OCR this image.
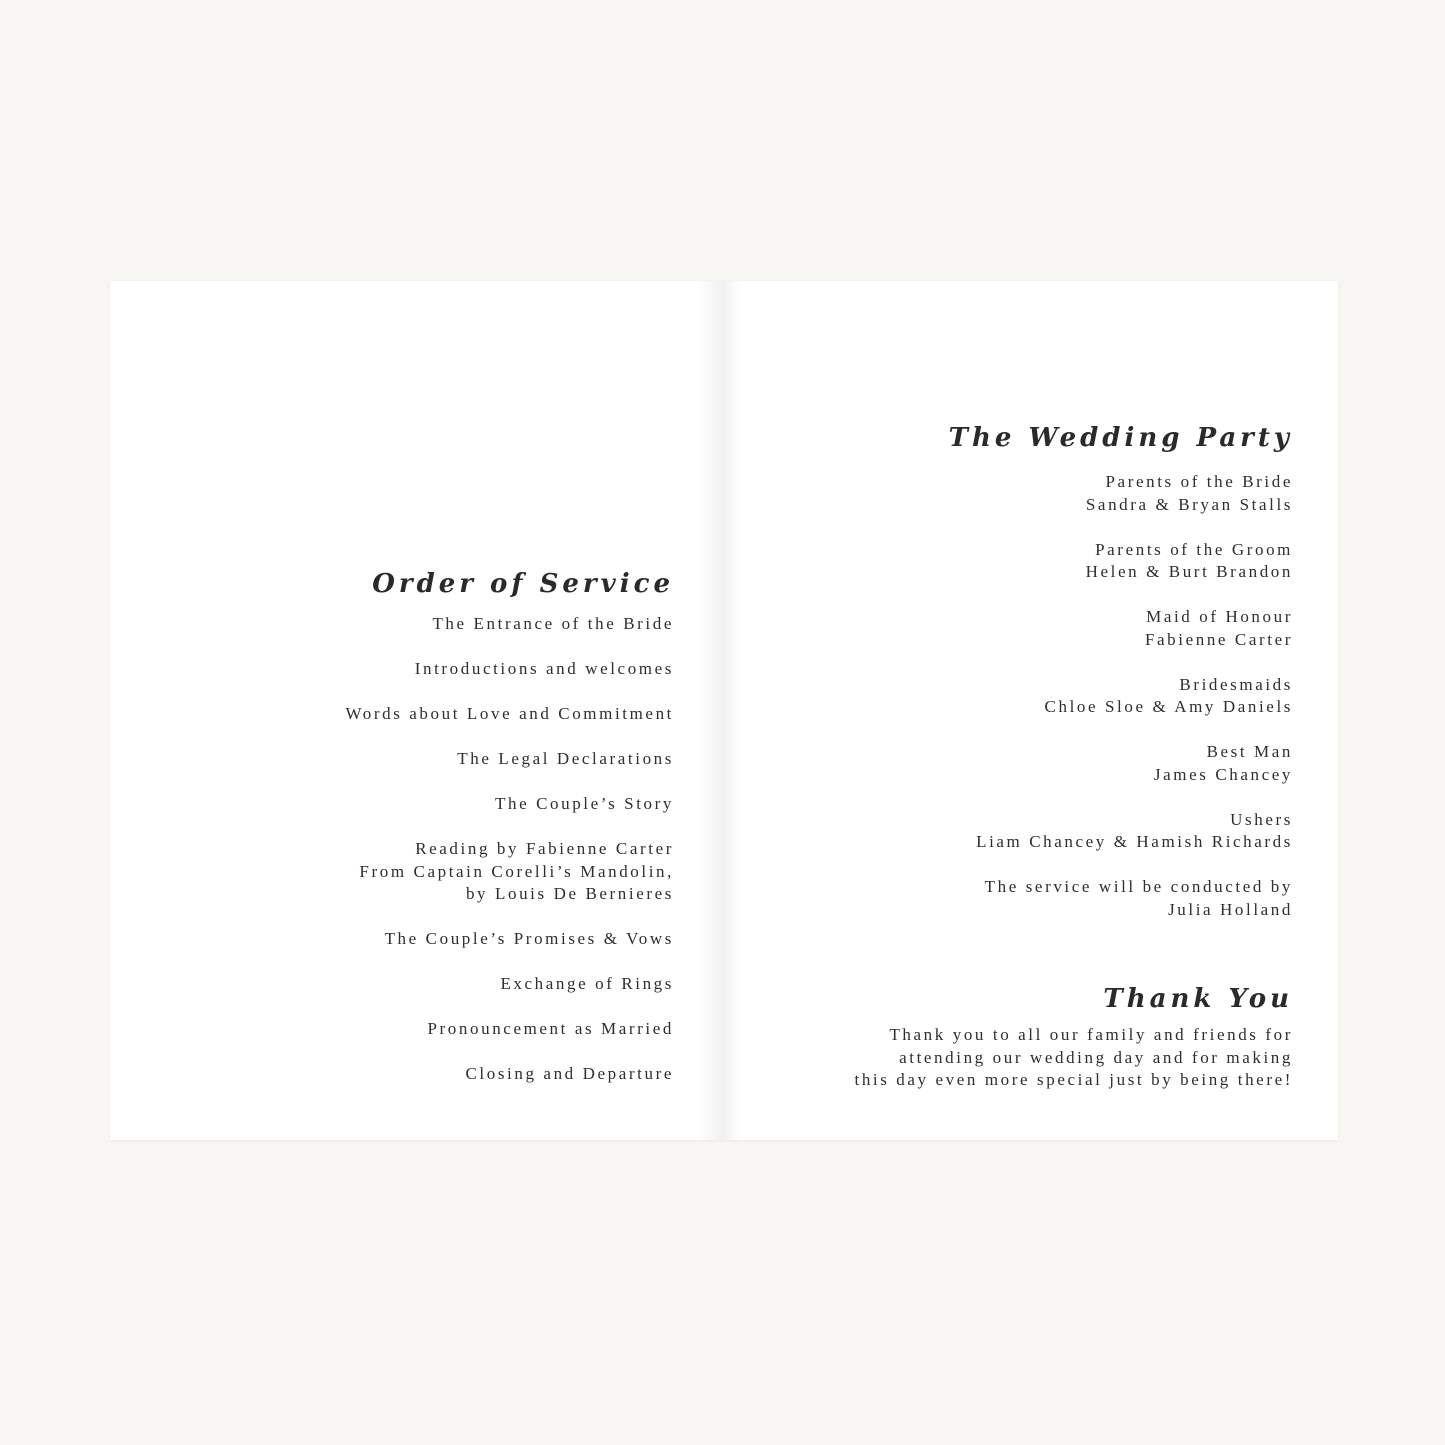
Order of Service
The Entrance of the Bride
Introductions and welcomes
Words about Love and Commitment
The Legal Declarations
The Couple’s Story
Reading by Fabienne Carter
From Captain Corelli’s Mandolin,
by Louis De Bernieres
The Couple’s Promises & Vows
Exchange of Rings
Pronouncement as Married
Closing and Departure
The Wedding Party
Parents of the Bride
Sandra & Bryan Stalls
Parents of the Groom
Helen & Burt Brandon
Maid of Honour
Fabienne Carter
Bridesmaids
Chloe Sloe & Amy Daniels
Best Man
James Chancey
Ushers
Liam Chancey & Hamish Richards
The service will be conducted by
Julia Holland
Thank You
Thank you to all our family and friends for
attending our wedding day and for making
this day even more special just by being there!
